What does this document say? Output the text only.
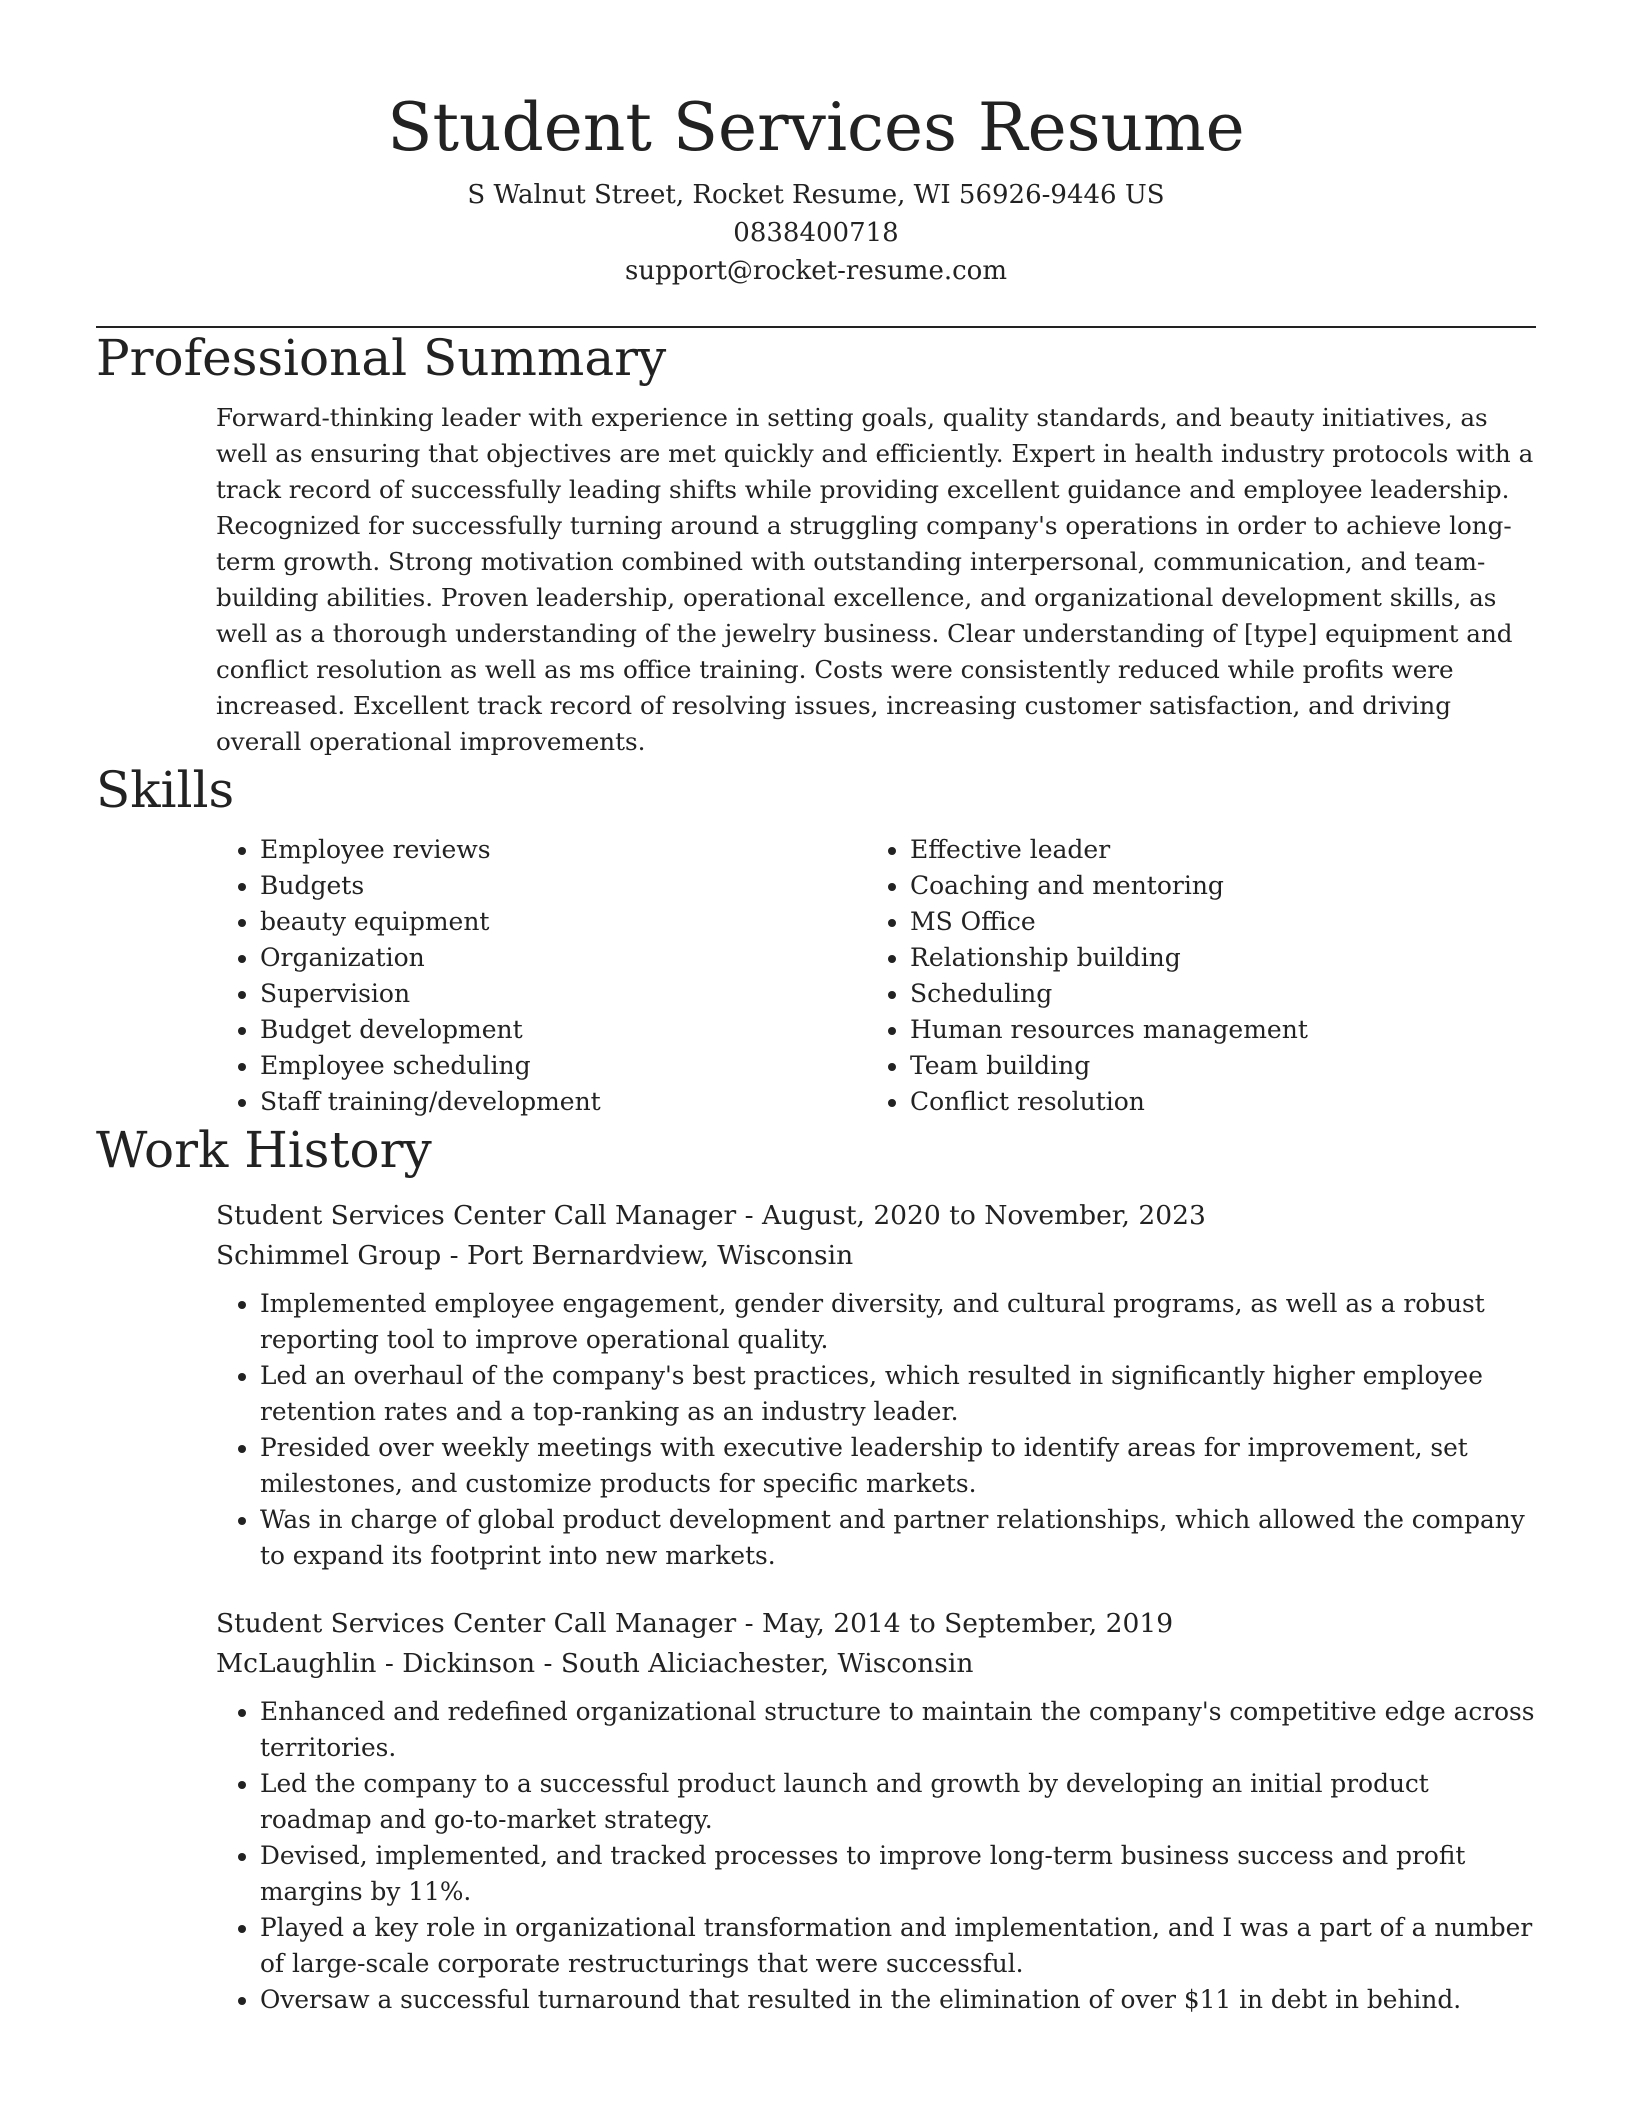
Student Services Resume
S Walnut Street, Rocket Resume, WI 56926-9446 US
0838400718
support@rocket-resume.com
Professional Summary

Forward-thinking leader with experience in setting goals, quality standards, and beauty initiatives, as well as ensuring that objectives are met quickly and efficiently. Expert in health industry protocols with a track record of successfully leading shifts while providing excellent guidance and employee leadership. Recognized for successfully turning around a struggling company's operations in order to achieve long-term growth. Strong motivation combined with outstanding interpersonal, communication, and team-building abilities. Proven leadership, operational excellence, and organizational development skills, as well as a thorough understanding of the jewelry business. Clear understanding of [type] equipment and conflict resolution as well as ms office training. Costs were consistently reduced while profits were increased. Excellent track record of resolving issues, increasing customer satisfaction, and driving overall operational improvements.

Skills
• Employee reviews
• Budgets
• beauty equipment
• Organization
• Supervision
• Budget development
• Employee scheduling
• Staff training/development
• Effective leader
• Coaching and mentoring
• MS Office
• Relationship building
• Scheduling
• Human resources management
• Team building
• Conflict resolution
Work History
Student Services Center Call Manager - August, 2020 to November, 2023
Schimmel Group - Port Bernardview, Wisconsin
• Implemented employee engagement, gender diversity, and cultural programs, as well as a robust reporting tool to improve operational quality.
• Led an overhaul of the company's best practices, which resulted in significantly higher employee retention rates and a top-ranking as an industry leader.
• Presided over weekly meetings with executive leadership to identify areas for improvement, set milestones, and customize products for specific markets.
• Was in charge of global product development and partner relationships, which allowed the company to expand its footprint into new markets.
Student Services Center Call Manager - May, 2014 to September, 2019
McLaughlin - Dickinson - South Aliciachester, Wisconsin
• Enhanced and redefined organizational structure to maintain the company's competitive edge across territories.
• Led the company to a successful product launch and growth by developing an initial product roadmap and go-to-market strategy.
• Devised, implemented, and tracked processes to improve long-term business success and profit margins by 11%.
• Played a key role in organizational transformation and implementation, and I was a part of a number of large-scale corporate restructurings that were successful.
• Oversaw a successful turnaround that resulted in the elimination of over $11 in debt in behind.
